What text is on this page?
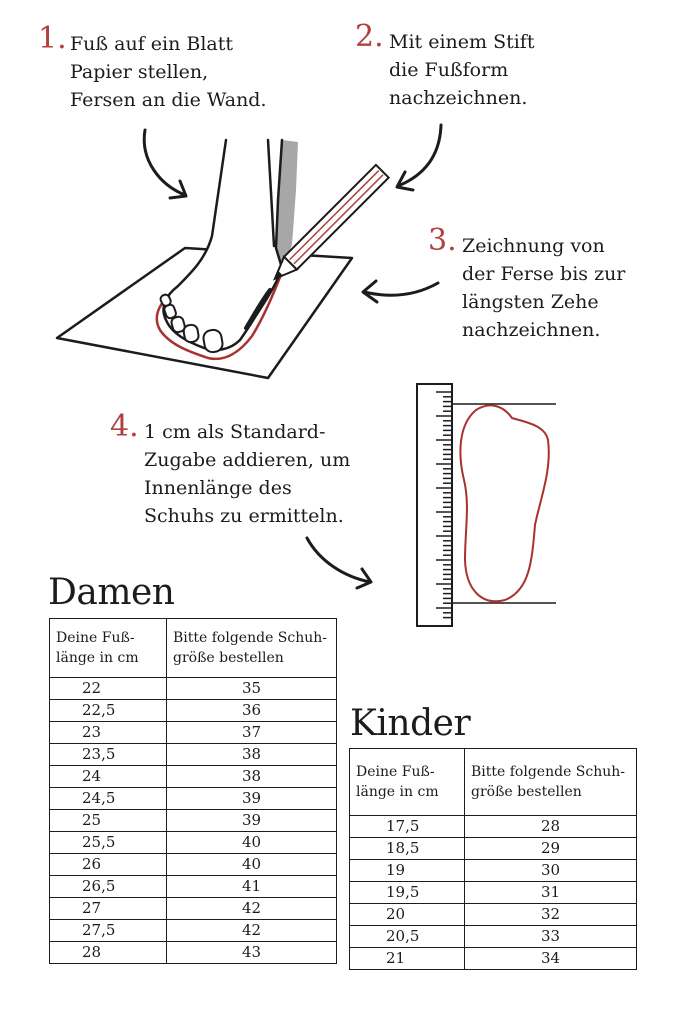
1. Fuß auf ein Blatt
Papier stellen,
Fersen an die Wand.
2. Mit einem Stift
die Fußform
nachzeichnen.
3. Zeichnung von
der Ferse bis zur
längsten Zehe
nachzeichnen.
4. 1 cm als Standard-
Zugabe addieren, um
Innenlänge des
Schuhs zu ermitteln.
Damen
Deine Fuß-
länge in cm	Bitte folgende Schuh-
größe bestellen
22	35
22,5	36
23	37
23,5	38
24	38
24,5	39
25	39
25,5	40
26	40
26,5	41
27	42
27,5	42
28	43
Kinder
Deine Fuß-
länge in cm	Bitte folgende Schuh-
größe bestellen
17,5	28
18,5	29
19	30
19,5	31
20	32
20,5	33
21	34
